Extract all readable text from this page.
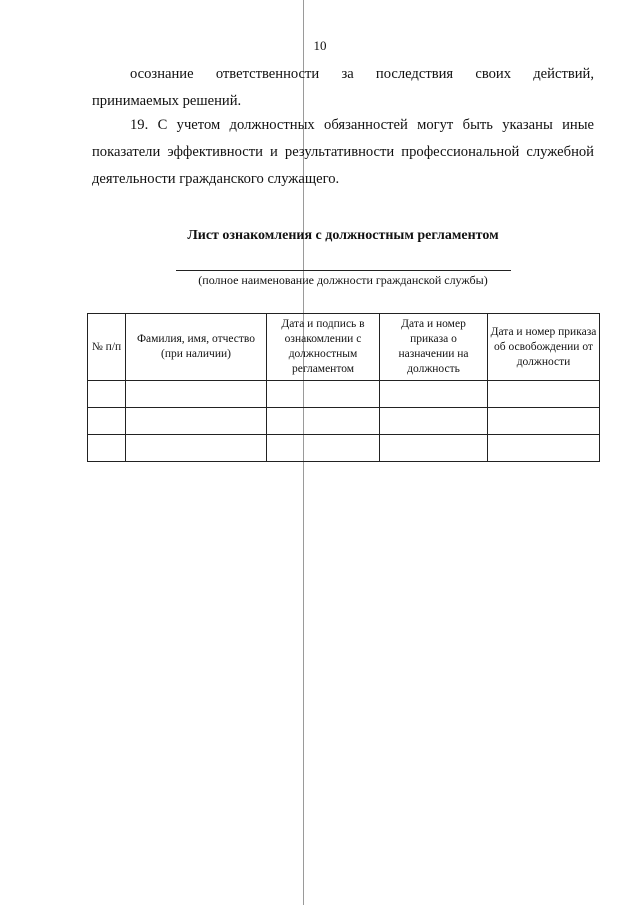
10
осознание ответственности за последствия своих действий,
принимаемых решений.
19. С учетом должностных обязанностей могут быть указаны иные
показатели эффективности и результативности профессиональной служебной
деятельности гражданского служащего.
Лист ознакомления с должностным регламентом
(полное наименование должности гражданской службы)
№ п/п	Фамилия, имя, отчество (при наличии)	Дата и подпись в ознакомлении с должностным регламентом	Дата и номер приказа о назначении на должность	Дата и номер приказа об освобождении от должности
